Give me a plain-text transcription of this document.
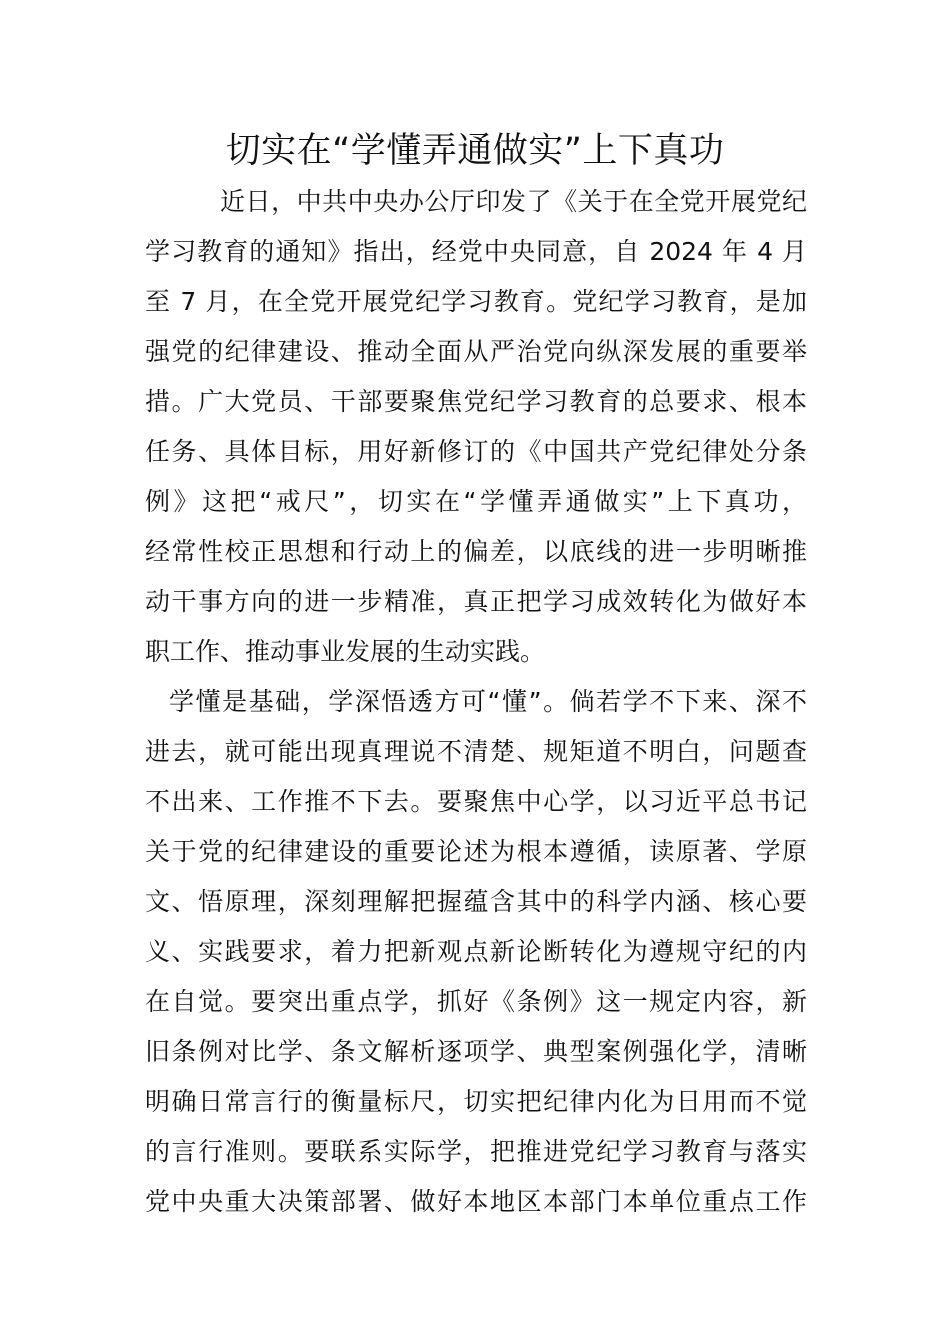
切实在“学懂弄通做实”上下真功
近日，中共中央办公厅印发了《关于在全党开展党纪
学习教育的通知》指出，经党中央同意，自 2024 年 4 月
至 7 月，在全党开展党纪学习教育。党纪学习教育，是加
强党的纪律建设、推动全面从严治党向纵深发展的重要举
措。广大党员、干部要聚焦党纪学习教育的总要求、根本
任务、具体目标，用好新修订的《中国共产党纪律处分条
例》这把“戒尺”，切实在“学懂弄通做实”上下真功，
经常性校正思想和行动上的偏差，以底线的进一步明晰推
动干事方向的进一步精准，真正把学习成效转化为做好本
职工作、推动事业发展的生动实践。
学懂是基础，学深悟透方可“懂”。倘若学不下来、深不
进去，就可能出现真理说不清楚、规矩道不明白，问题查
不出来、工作推不下去。要聚焦中心学，以习近平总书记
关于党的纪律建设的重要论述为根本遵循，读原著、学原
文、悟原理，深刻理解把握蕴含其中的科学内涵、核心要
义、实践要求，着力把新观点新论断转化为遵规守纪的内
在自觉。要突出重点学，抓好《条例》这一规定内容，新
旧条例对比学、条文解析逐项学、典型案例强化学，清晰
明确日常言行的衡量标尺，切实把纪律内化为日用而不觉
的言行准则。要联系实际学，把推进党纪学习教育与落实
党中央重大决策部署、做好本地区本部门本单位重点工作
